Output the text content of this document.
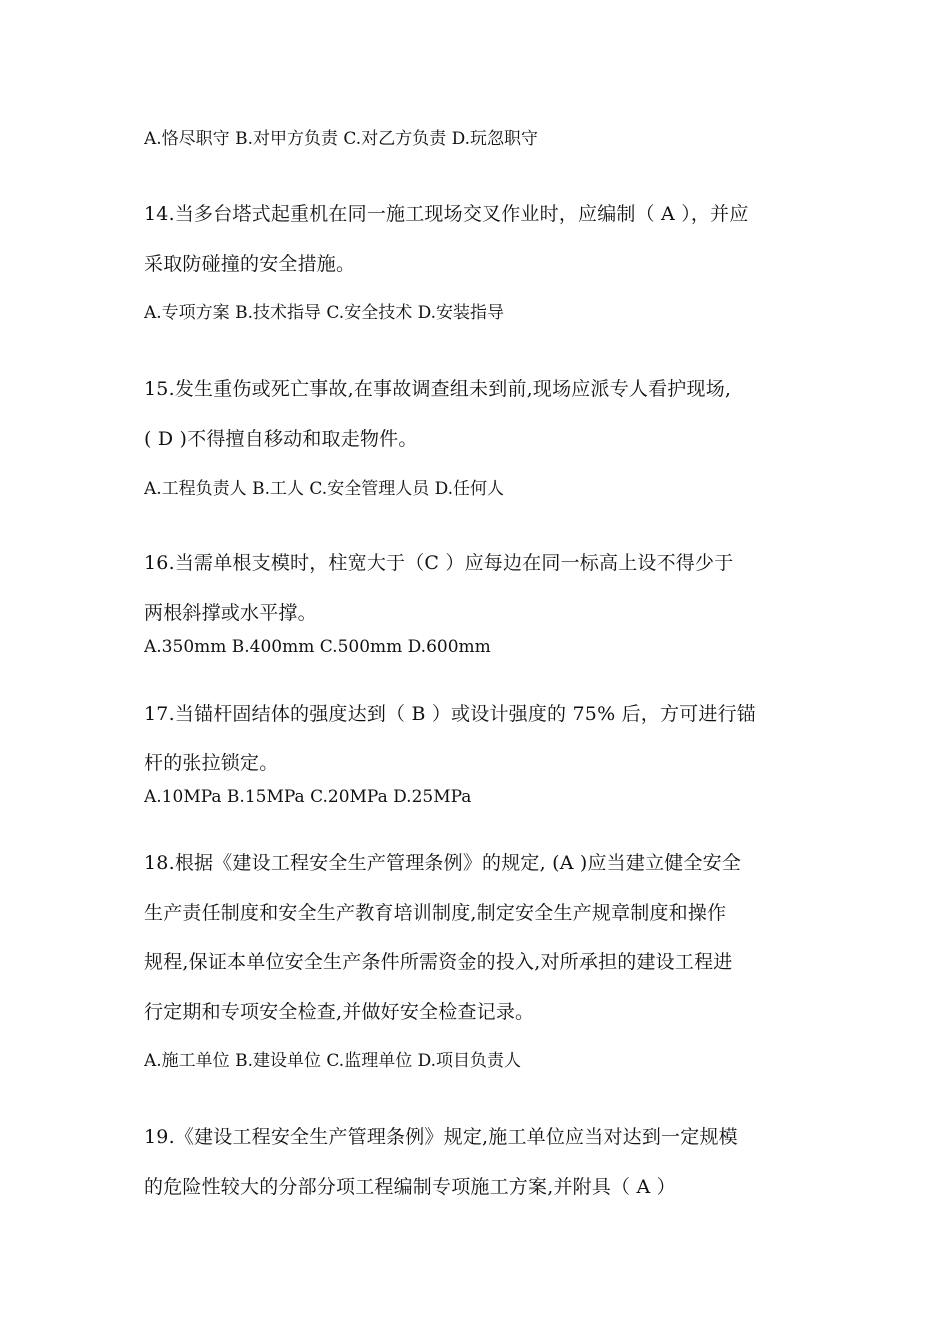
A.恪尽职守 B.对甲方负责 C.对乙方负责 D.玩忽职守
14.当多台塔式起重机在同一施工现场交叉作业时，应编制（ A ），并应
采取防碰撞的安全措施。
A.专项方案 B.技术指导 C.安全技术 D.安装指导
15.发生重伤或死亡事故,在事故调查组未到前,现场应派专人看护现场,
( D )不得擅自移动和取走物件。
A.工程负责人 B.工人 C.安全管理人员 D.任何人
16.当需单根支模时，柱宽大于（C ）应每边在同一标高上设不得少于
两根斜撑或水平撑。
A.350mm B.400mm C.500mm D.600mm
17.当锚杆固结体的强度达到（ B ）或设计强度的 75% 后，方可进行锚
杆的张拉锁定。
A.10MPa B.15MPa C.20MPa D.25MPa
18.根据《建设工程安全生产管理条例》的规定, (A )应当建立健全安全
生产责任制度和安全生产教育培训制度,制定安全生产规章制度和操作
规程,保证本单位安全生产条件所需资金的投入,对所承担的建设工程进
行定期和专项安全检查,并做好安全检查记录。
A.施工单位 B.建设单位 C.监理单位 D.项目负责人
19.《建设工程安全生产管理条例》规定,施工单位应当对达到一定规模
的危险性较大的分部分项工程编制专项施工方案,并附具（ A ）
